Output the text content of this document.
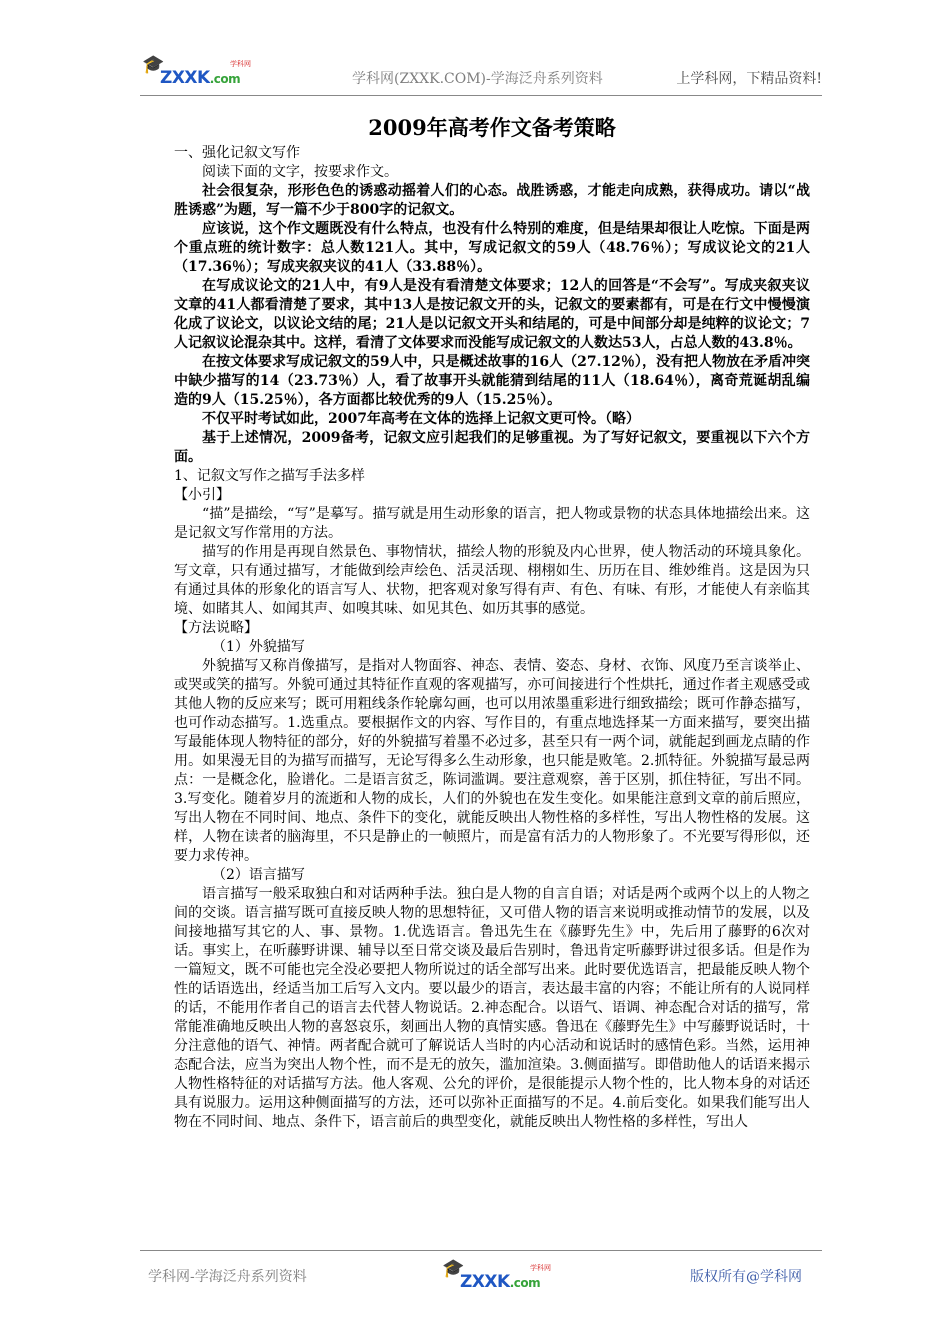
🎓
ZXXK.com
学科网
学科网(ZXXK.COM)-学海泛舟系列资料	上学科网，下精品资料!
2009年高考作文备考策略

一、强化记叙文写作

阅读下面的文字，按要求作文。

社会很复杂，形形色色的诱惑动摇着人们的心态。战胜诱惑，才能走向成熟，获得成功。请以“战胜诱惑”为题，写一篇不少于800字的记叙文。

应该说，这个作文题既没有什么特点，也没有什么特别的难度，但是结果却很让人吃惊。下面是两个重点班的统计数字：总人数121人。其中，写成记叙文的59人（48.76％）；写成议论文的21人（17.36％）；写成夹叙夹议的41人（33.88％）。

在写成议论文的21人中，有9人是没有看清楚文体要求；12人的回答是“不会写”。写成夹叙夹议文章的41人都看清楚了要求，其中13人是按记叙文开的头，记叙文的要素都有，可是在行文中慢慢演化成了议论文，以议论文结的尾；21人是以记叙文开头和结尾的，可是中间部分却是纯粹的议论文；7人记叙议论混杂其中。这样，看清了文体要求而没能写成记叙文的人数达53人，占总人数的43.8％。

在按文体要求写成记叙文的59人中，只是概述故事的16人（27.12％），没有把人物放在矛盾冲突中缺少描写的14（23.73％）人，看了故事开头就能猜到结尾的11人（18.64％），离奇荒诞胡乱编造的9人（15.25％），各方面都比较优秀的9人（15.25％）。

不仅平时考试如此，2007年高考在文体的选择上记叙文更可怜。（略）

基于上述情况，2009备考，记叙文应引起我们的足够重视。为了写好记叙文，要重视以下六个方面。

1、记叙文写作之描写手法多样

【小引】

“描”是描绘，“写”是摹写。描写就是用生动形象的语言，把人物或景物的状态具体地描绘出来。这是记叙文写作常用的方法。

描写的作用是再现自然景色、事物情状，描绘人物的形貌及内心世界，使人物活动的环境具象化。写文章，只有通过描写，才能做到绘声绘色、活灵活现、栩栩如生、历历在目、维妙维肖。这是因为只有通过具体的形象化的语言写人、状物，把客观对象写得有声、有色、有味、有形，才能使人有亲临其境、如睹其人、如闻其声、如嗅其味、如见其色、如历其事的感觉。

【方法说略】

（1）外貌描写

外貌描写又称肖像描写，是指对人物面容、神态、表情、姿态、身材、衣饰、风度乃至言谈举止、或哭或笑的描写。外貌可通过其特征作直观的客观描写，亦可间接进行个性烘托，通过作者主观感受或其他人物的反应来写；既可用粗线条作轮廓勾画，也可以用浓墨重彩进行细致描绘；既可作静态描写，也可作动态描写。1.选重点。要根据作文的内容、写作目的，有重点地选择某一方面来描写，要突出描写最能体现人物特征的部分，好的外貌描写着墨不必过多，甚至只有一两个词，就能起到画龙点睛的作用。如果漫无目的为描写而描写，无论写得多么生动形象，也只能是败笔。2.抓特征。外貌描写最忌两点：一是概念化，脸谱化。二是语言贫乏，陈词滥调。要注意观察，善于区别，抓住特征，写出不同。3.写变化。随着岁月的流逝和人物的成长，人们的外貌也在发生变化。如果能注意到文章的前后照应，写出人物在不同时间、地点、条件下的变化，就能反映出人物性格的多样性，写出人物性格的发展。这样，人物在读者的脑海里，不只是静止的一帧照片，而是富有活力的人物形象了。不光要写得形似，还要力求传神。

（2）语言描写

语言描写一般采取独白和对话两种手法。独白是人物的自言自语；对话是两个或两个以上的人物之间的交谈。语言描写既可直接反映人物的思想特征，又可借人物的语言来说明或推动情节的发展，以及间接地描写其它的人、事、景物。1.优选语言。鲁迅先生在《藤野先生》中，先后用了藤野的6次对话。事实上，在听藤野讲课、辅导以至日常交谈及最后告别时，鲁迅肯定听藤野讲过很多话。但是作为一篇短文，既不可能也完全没必要把人物所说过的话全部写出来。此时要优选语言，把最能反映人物个性的话语选出，经适当加工后写入文内。要以最少的语言，表达最丰富的内容；不能让所有的人说同样的话，不能用作者自己的语言去代替人物说话。2.神态配合。以语气、语调、神态配合对话的描写，常常能准确地反映出人物的喜怒哀乐，刻画出人物的真情实感。鲁迅在《藤野先生》中写藤野说话时，十分注意他的语气、神情。两者配合就可了解说话人当时的内心活动和说话时的感情色彩。当然，运用神态配合法，应当为突出人物个性，而不是无的放矢，滥加渲染。3.侧面描写。即借助他人的话语来揭示人物性格特征的对话描写方法。他人客观、公允的评价，是很能提示人物个性的，比人物本身的对话还具有说服力。运用这种侧面描写的方法，还可以弥补正面描写的不足。4.前后变化。如果我们能写出人物在不同时间、地点、条件下，语言前后的典型变化，就能反映出人物性格的多样性，写出人

学科网-学海泛舟系列资料	🎓
ZXXK.com
学科网
版权所有@学科网
